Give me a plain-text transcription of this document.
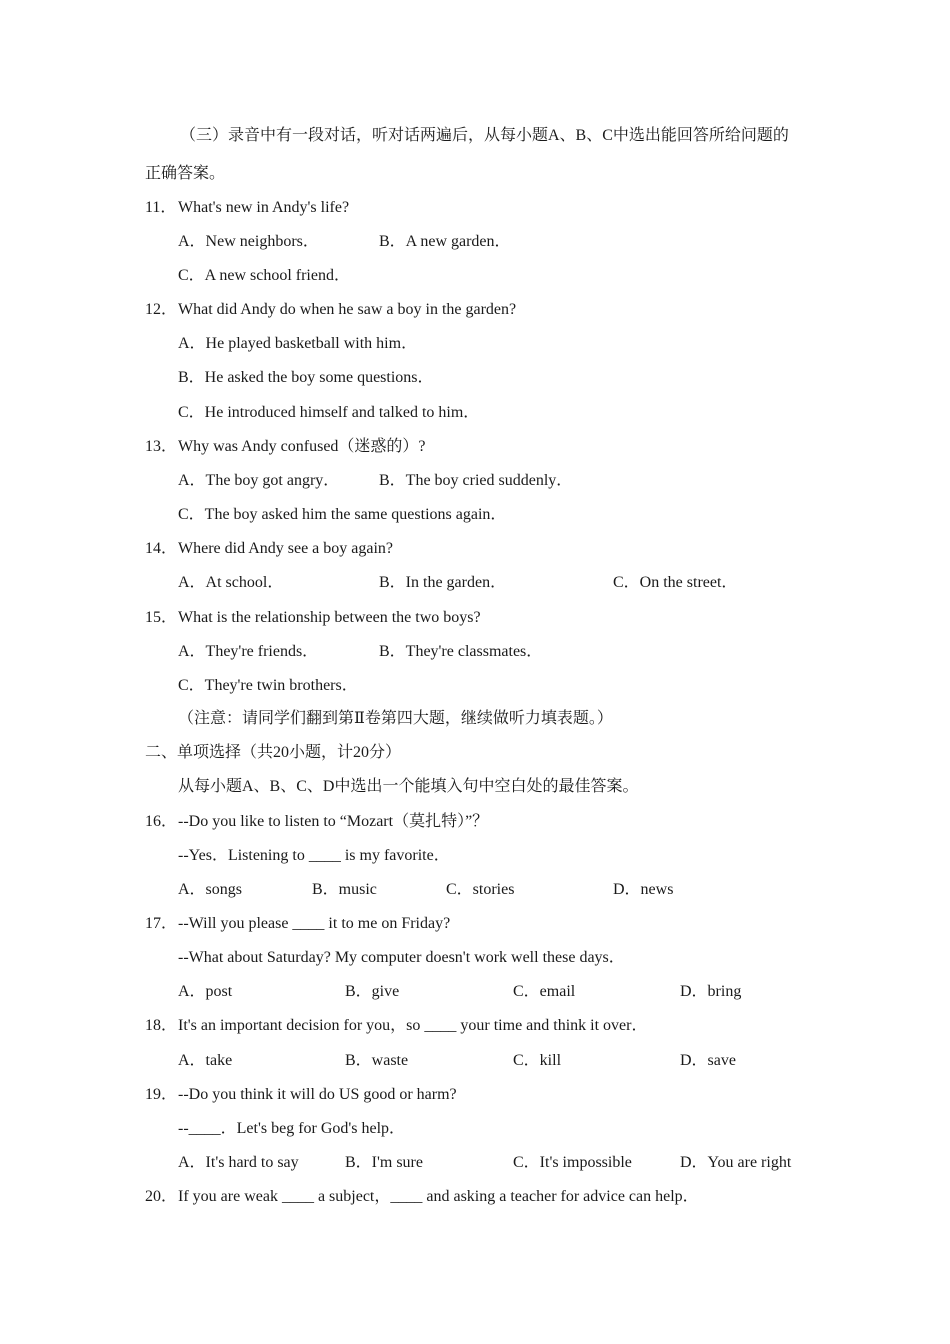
（三）录音中有一段对话，听对话两遍后，从每小题A、B、C中选出能回答所给问题的
正确答案。
11．What's new in Andy's life?
A．New neighbors．	B．A new garden．
C．A new school friend．
12．What did Andy do when he saw a boy in the garden?
A．He played basketball with him．
B．He asked the boy some questions．
C．He introduced himself and talked to him．
13．Why was Andy confused（迷惑的）?
A．The boy got angry． B．The boy cried suddenly．
C．The boy asked him the same questions again．
14．Where did Andy see a boy again?
A．At school．	B．In the garden．	C．On the street．
15．What is the relationship between the two boys?
A．They're friends．	B．They're classmates．
C．They're twin brothers．
（注意：请同学们翻到第Ⅱ卷第四大题，继续做听力填表题。）
二、单项选择（共20小题，计20分）
从每小题A、B、C、D中选出一个能填入句中空白处的最佳答案。
16．--Do you like to listen to “Mozart（莫扎特）”？
--Yes．Listening to ____ is my favorite．
A．songs	B．music	C．stories	D．news
17．--Will you please ____ it to me on Friday?
--What about Saturday? My computer doesn't work well these days．
A．post	B．give	C．email	D．bring
18．It's an important decision for you，so ____ your time and think it over．
A．take	B．waste	C．kill	D．save
19．--Do you think it will do US good or harm?
--____．Let's beg for God's help．
A．It's hard to say	B．I'm sure	C．It's impossible	D．You are right
20．If you are weak ____ a subject，____ and asking a teacher for advice can help．
